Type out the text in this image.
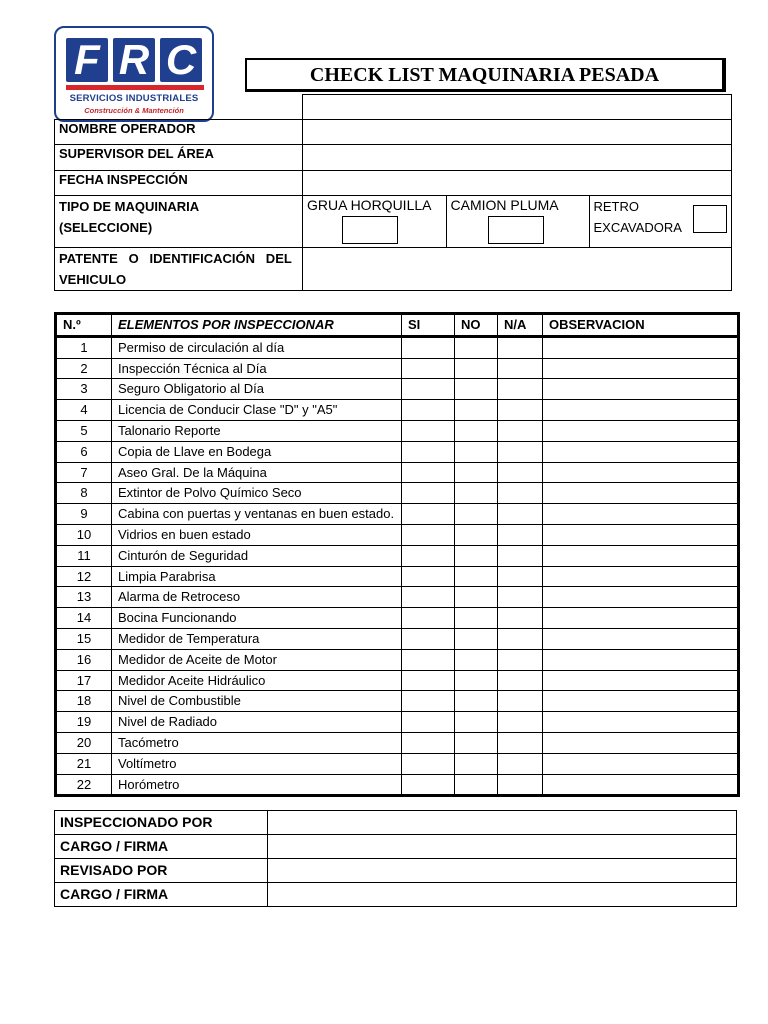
F R C
SERVICIOS INDUSTRIALES
Construcción & Mantención
CHECK LIST MAQUINARIA PESADA

NOMBRE OPERADOR	
SUPERVISOR DEL ÁREA	
FECHA INSPECCIÓN	

TIPO DE MAQUINARIA
(SELECCIONE)

GRUA HORQUILLA	CAMION PLUMA	RETRO
EXCAVADORA

PATENTE   O   IDENTIFICACIÓN   DEL
VEHICULO

N.º	ELEMENTOS POR INSPECCIONAR	SI	NO	N/A	OBSERVACION
1	Permiso de circulación al día				
2	Inspección Técnica al Día				
3	Seguro Obligatorio al Día				
4	Licencia de Conducir Clase "D" y "A5"				
5	Talonario Reporte				
6	Copia de Llave en Bodega				
7	Aseo Gral. De la Máquina				
8	Extintor de Polvo Químico Seco				
9	Cabina con puertas y ventanas en buen estado.				
10	Vidrios en buen estado				
11	Cinturón de Seguridad				
12	Limpia Parabrisa				
13	Alarma de Retroceso				
14	Bocina Funcionando				
15	Medidor de Temperatura				
16	Medidor de Aceite de Motor				
17	Medidor Aceite Hidráulico				
18	Nivel de Combustible				
19	Nivel de Radiado				
20	Tacómetro				
21	Voltímetro				
22	Horómetro				
INSPECCIONADO POR	
CARGO / FIRMA	
REVISADO POR	
CARGO / FIRMA	
